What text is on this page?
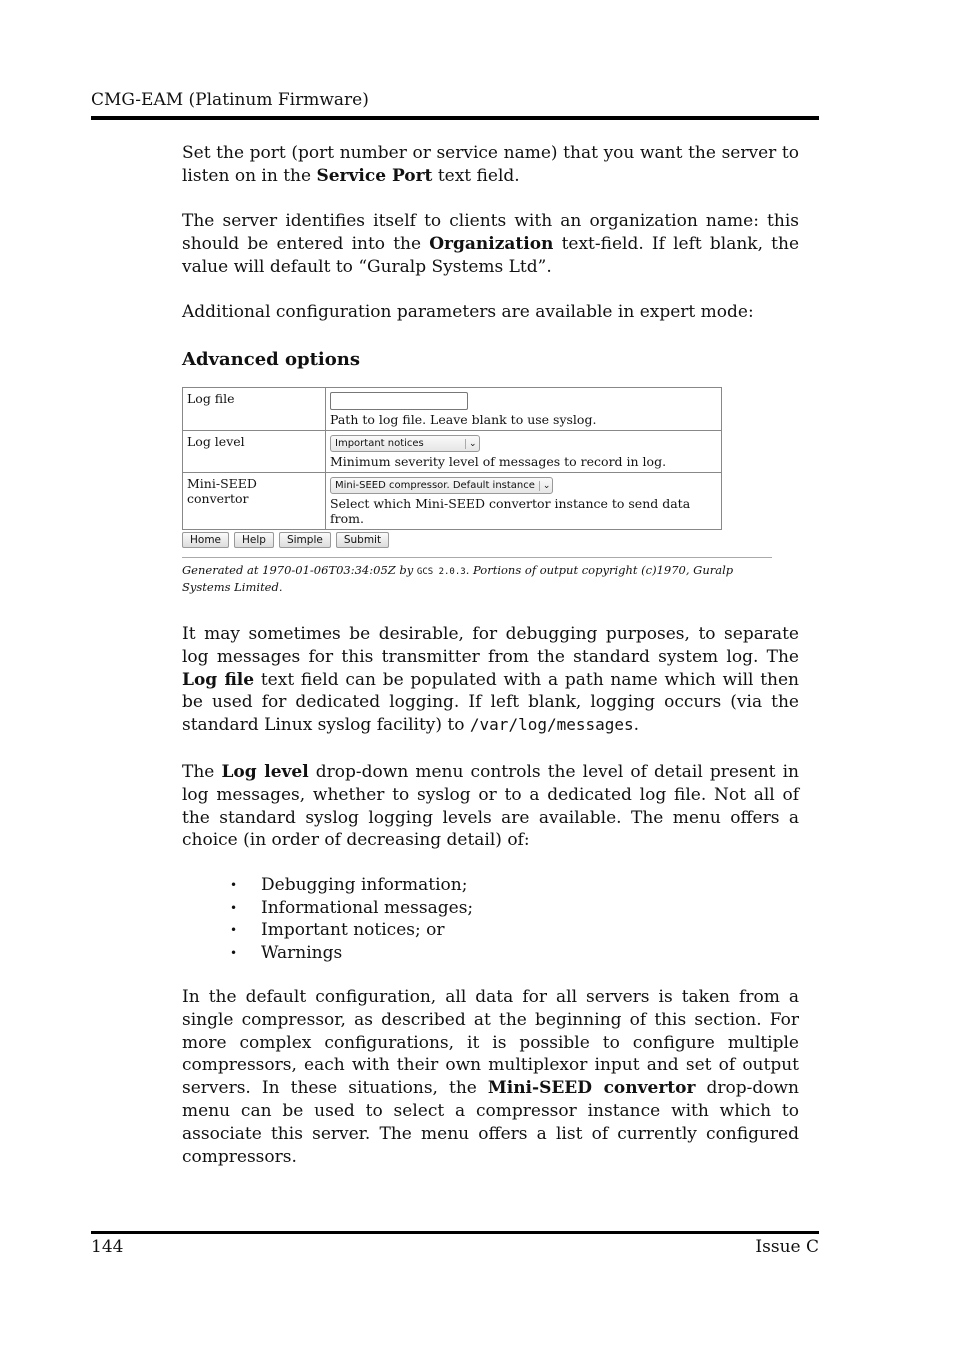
CMG-EAM (Platinum Firmware)

Set the port (port number or service name) that you want the server to listen on in the Service Port text field.

The server identifies itself to clients with an organization name: this should be entered into the Organization text-field. If left blank, the value will default to “Guralp Systems Ltd”.

Additional configuration parameters are available in expert mode:

Advanced options
Log file	Path to log file. Leave blank to use syslog.

Log level	Important notices ⌄
Minimum severity level of messages to record in log.

Mini-SEED convertor	Mini-SEED compressor. Default instance ⌄
Select which Mini-SEED convertor instance to send data from.
Home	Help	Simple	Submit
Generated at 1970-01-06T03:34:05Z by GCS 2.0.3. Portions of output copyright (c)1970, Guralp Systems Limited.

It may sometimes be desirable, for debugging purposes, to separate log messages for this transmitter from the standard system log. The Log file text field can be populated with a path name which will then be used for dedicated logging. If left blank, logging occurs (via the standard Linux syslog facility) to /var/log/messages.

The Log level drop-down menu controls the level of detail present in log messages, whether to syslog or to a dedicated log file. Not all of the standard syslog logging levels are available. The menu offers a choice (in order of decreasing detail) of:

• Debugging information;
• Informational messages;
• Important notices; or
• Warnings

In the default configuration, all data for all servers is taken from a single compressor, as described at the beginning of this section. For more complex configurations, it is possible to configure multiple compressors, each with their own multiplexor input and set of output servers. In these situations, the Mini-SEED convertor drop-down menu can be used to select a compressor instance with which to associate this server. The menu offers a list of currently configured compressors.

144	Issue C
